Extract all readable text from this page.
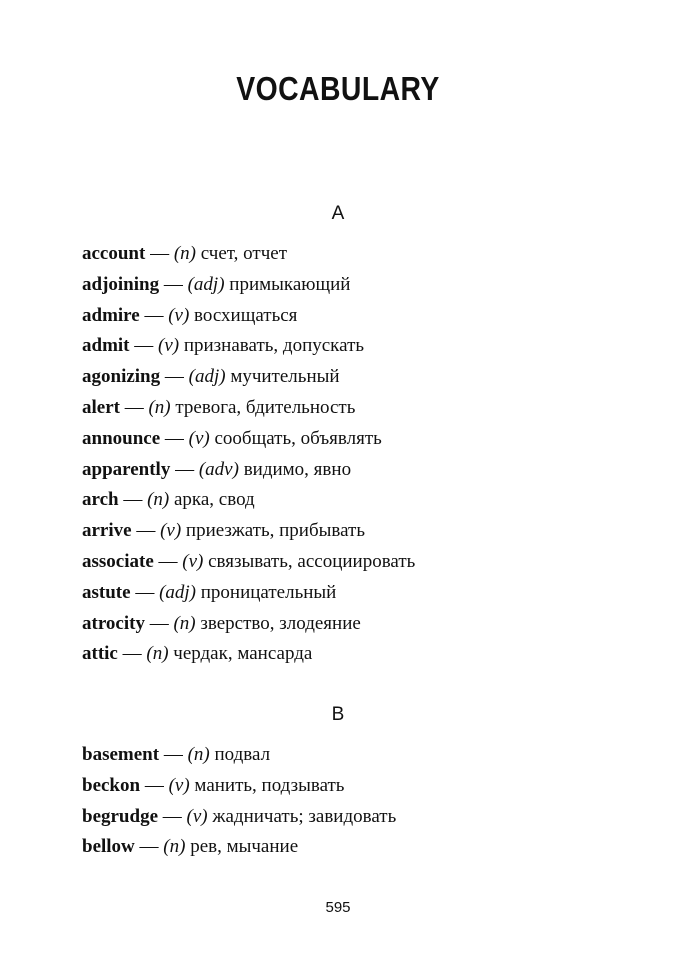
VOCABULARY
A
account — (n) счет, отчет
adjoining — (adj) примыкающий
admire — (v) восхищаться
admit — (v) признавать, допускать
agonizing — (adj) мучительный
alert — (n) тревога, бдительность
announce — (v) сообщать, объявлять
apparently — (adv) видимо, явно
arch — (n) арка, свод
arrive — (v) приезжать, прибывать
associate — (v) связывать, ассоциировать
astute — (adj) проницательный
atrocity — (n) зверство, злодеяние
attic — (n) чердак, мансарда
B
basement — (n) подвал
beckon — (v) манить, подзывать
begrudge — (v) жадничать; завидовать
bellow — (n) рев, мычание
595
